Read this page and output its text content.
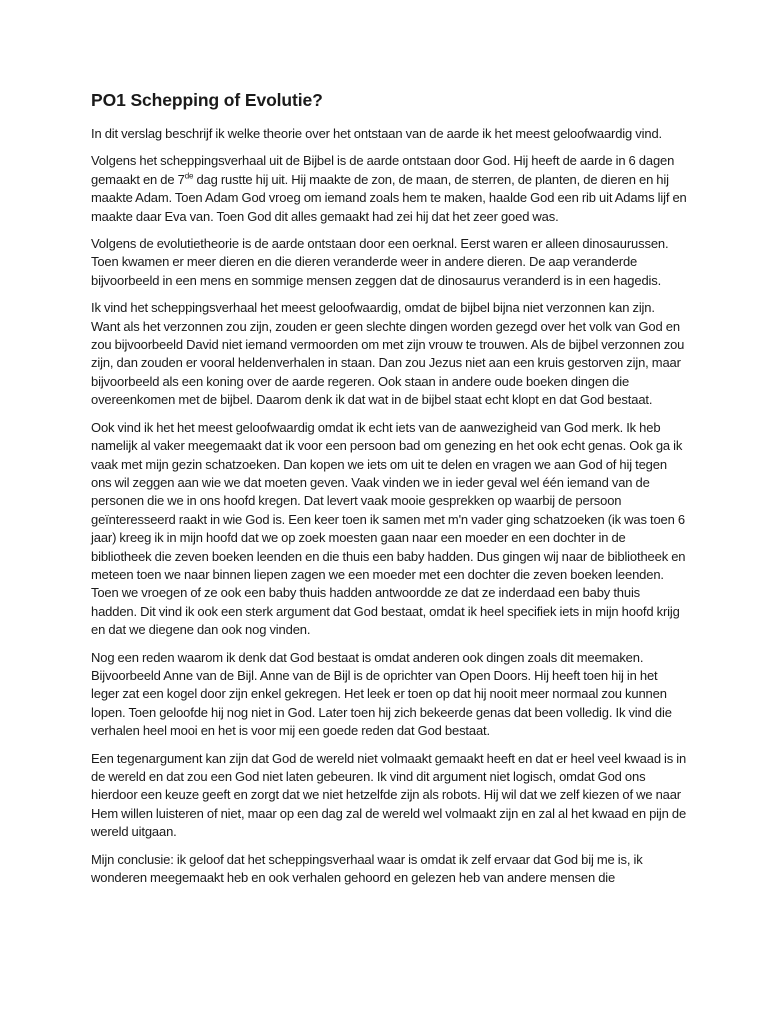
PO1 Schepping of Evolutie?

In dit verslag beschrijf ik welke theorie over het ontstaan van de aarde ik het meest geloofwaardig vind.

Volgens het scheppingsverhaal uit de Bijbel is de aarde ontstaan door God. Hij heeft de aarde in 6 dagen gemaakt en de 7de dag rustte hij uit. Hij maakte de zon, de maan, de sterren, de planten, de dieren en hij maakte Adam. Toen Adam God vroeg om iemand zoals hem te maken, haalde God een rib uit Adams lijf en maakte daar Eva van. Toen God dit alles gemaakt had zei hij dat het zeer goed was.

Volgens de evolutietheorie is de aarde ontstaan door een oerknal. Eerst waren er alleen dinosaurussen. Toen kwamen er meer dieren en die dieren veranderde weer in andere dieren. De aap veranderde bijvoorbeeld in een mens en sommige mensen zeggen dat de dinosaurus veranderd is in een hagedis.

Ik vind het scheppingsverhaal het meest geloofwaardig, omdat de bijbel bijna niet verzonnen kan zijn. Want als het verzonnen zou zijn, zouden er geen slechte dingen worden gezegd over het volk van God en zou bijvoorbeeld David niet iemand vermoorden om met zijn vrouw te trouwen. Als de bijbel verzonnen zou zijn, dan zouden er vooral heldenverhalen in staan. Dan zou Jezus niet aan een kruis gestorven zijn, maar bijvoorbeeld als een koning over de aarde regeren. Ook staan in andere oude boeken dingen die overeenkomen met de bijbel. Daarom denk ik dat wat in de bijbel staat echt klopt en dat God bestaat.

Ook vind ik het het meest geloofwaardig omdat ik echt iets van de aanwezigheid van God merk. Ik heb namelijk al vaker meegemaakt dat ik voor een persoon bad om genezing en het ook echt genas. Ook ga ik vaak met mijn gezin schatzoeken. Dan kopen we iets om uit te delen en vragen we aan God of hij tegen ons wil zeggen aan wie we dat moeten geven. Vaak vinden we in ieder geval wel één iemand van de personen die we in ons hoofd kregen. Dat levert vaak mooie gesprekken op waarbij de persoon geïnteresseerd raakt in wie God is. Een keer toen ik samen met m'n vader ging schatzoeken (ik was toen 6 jaar) kreeg ik in mijn hoofd dat we op zoek moesten gaan naar een moeder en een dochter in de bibliotheek die zeven boeken leenden en die thuis een baby hadden. Dus gingen wij naar de bibliotheek en meteen toen we naar binnen liepen zagen we een moeder met een dochter die zeven boeken leenden. Toen we vroegen of ze ook een baby thuis hadden antwoordde ze dat ze inderdaad een baby thuis hadden. Dit vind ik ook een sterk argument dat God bestaat, omdat ik heel specifiek iets in mijn hoofd krijg en dat we diegene dan ook nog vinden.

Nog een reden waarom ik denk dat God bestaat is omdat anderen ook dingen zoals dit meemaken. Bijvoorbeeld Anne van de Bijl. Anne van de Bijl is de oprichter van Open Doors. Hij heeft toen hij in het leger zat een kogel door zijn enkel gekregen. Het leek er toen op dat hij nooit meer normaal zou kunnen lopen. Toen geloofde hij nog niet in God. Later toen hij zich bekeerde genas dat been volledig. Ik vind die verhalen heel mooi en het is voor mij een goede reden dat God bestaat.

Een tegenargument kan zijn dat God de wereld niet volmaakt gemaakt heeft en dat er heel veel kwaad is in de wereld en dat zou een God niet laten gebeuren. Ik vind dit argument niet logisch, omdat God ons hierdoor een keuze geeft en zorgt dat we niet hetzelfde zijn als robots. Hij wil dat we zelf kiezen of we naar Hem willen luisteren of niet, maar op een dag zal de wereld wel volmaakt zijn en zal al het kwaad en pijn de wereld uitgaan.

Mijn conclusie: ik geloof dat het scheppingsverhaal waar is omdat ik zelf ervaar dat God bij me is, ik wonderen meegemaakt heb en ook verhalen gehoord en gelezen heb van andere mensen die
